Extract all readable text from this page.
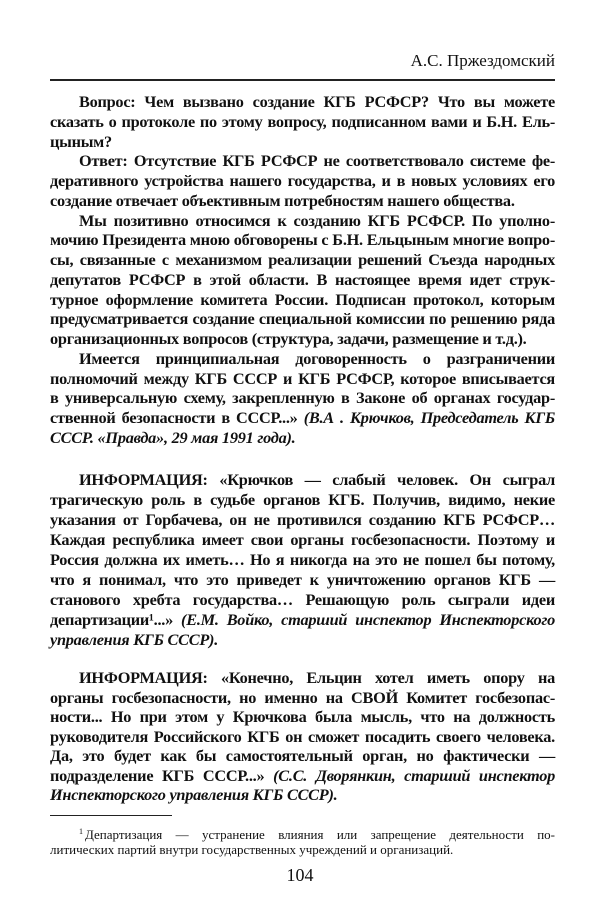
А.С. Пржездомский
Вопрос: Чем вызвано создание КГБ РСФСР? Что вы можете
сказать о протоколе по этому вопросу, подписанном вами и Б.Н. Ель-
цыным?
Ответ: Отсутствие КГБ РСФСР не соответствовало системе фе-
деративного устройства нашего государства, и в новых условиях его
создание отвечает объективным потребностям нашего общества.
Мы позитивно относимся к созданию КГБ РСФСР. По уполно-
мочию Президента мною обговорены с Б.Н. Ельцыным многие вопро-
сы, связанные с механизмом реализации решений Съезда народных
депутатов РСФСР в этой области. В настоящее время идет струк-
турное оформление комитета России. Подписан протокол, которым
предусматривается создание специальной комиссии по решению ряда
организационных вопросов (структура, задачи, размещение и т.д.).
Имеется принципиальная договоренность о разграничении
полномочий между КГБ СССР и КГБ РСФСР, которое вписывается
в универсальную схему, закрепленную в Законе об органах государ-
ственной безопасности в СССР...» (В.А . Крючков, Председатель КГБ
СССР. «Правда», 29 мая 1991 года).
ИНФОРМАЦИЯ: «Крючков — слабый человек. Он сыграл
трагическую роль в судьбе органов КГБ. Получив, видимо, некие
указания от Горбачева, он не противился созданию КГБ РСФСР…
Каждая республика имеет свои органы госбезопасности. Поэтому и
Россия должна их иметь… Но я никогда на это не пошел бы потому,
что я понимал, что это приведет к уничтожению органов КГБ —
станового хребта государства… Решающую роль сыграли идеи
департизации¹...» (Е.М. Войко, старший инспектор Инспекторского
управления КГБ СССР).
ИНФОРМАЦИЯ: «Конечно, Ельцин хотел иметь опору на
органы госбезопасности, но именно на СВОЙ Комитет госбезопас-
ности... Но при этом у Крючкова была мысль, что на должность
руководителя Российского КГБ он сможет посадить своего человека.
Да, это будет как бы самостоятельный орган, но фактически —
подразделение КГБ СССР...» (С.С. Дворянкин, старший инспектор
Инспекторского управления КГБ СССР).
$^1$ Департизация — устранение влияния или запрещение деятельности по-
литических партий внутри государственных учреждений и организаций.
104
